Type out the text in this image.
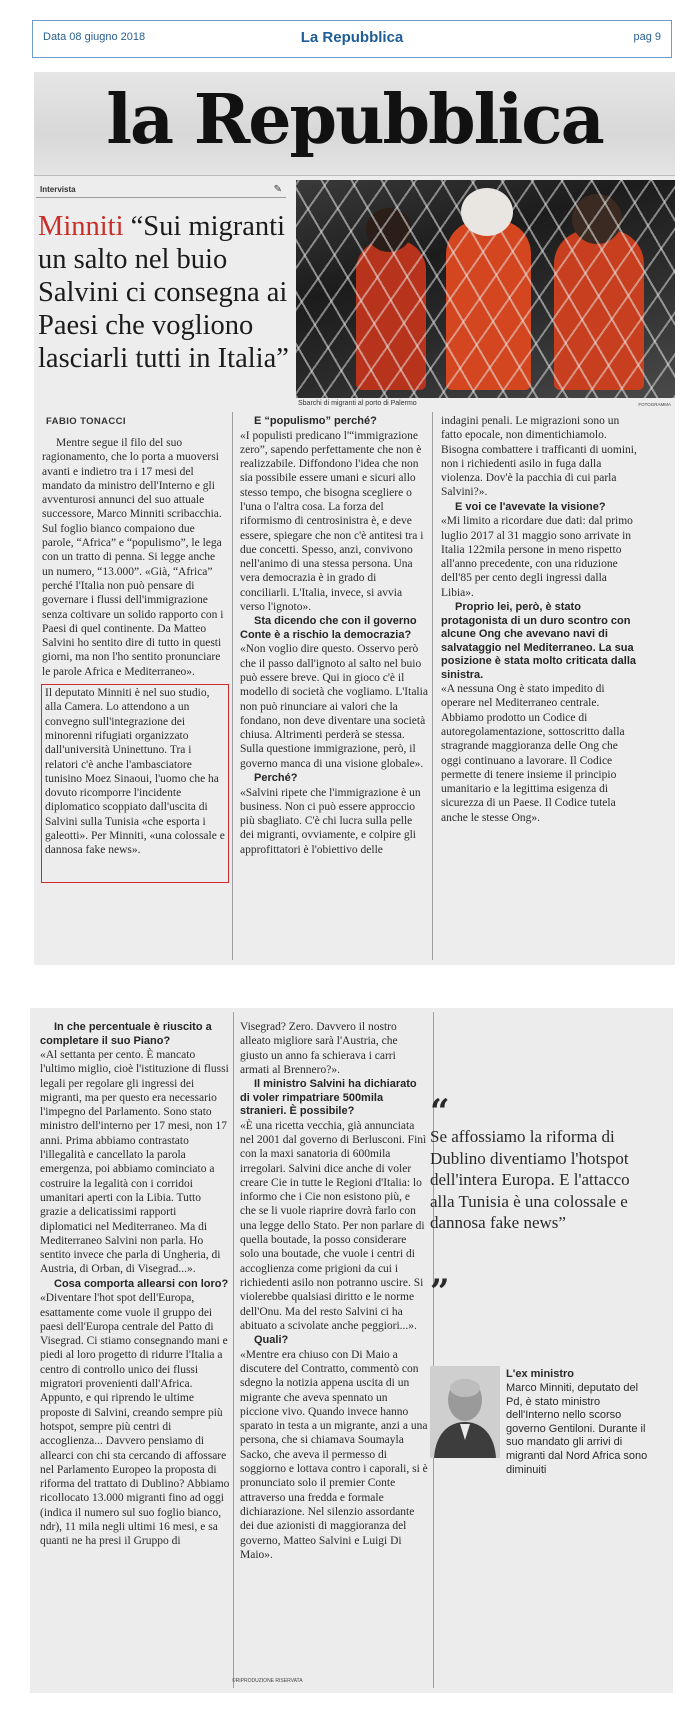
Data 08 giugno 2018	La Repubblica	pag 9
la Repubblica
Intervista	✎
Minniti “Sui migranti un salto nel buio Salvini ci consegna ai Paesi che vogliono lasciarli tutti in Italia”
Sbarchi di migranti al porto di Palermo	FOTOGRAMMA
FABIO TONACCI

Mentre segue il filo del suo ragionamento, che lo porta a muoversi avanti e indietro tra i 17 mesi del mandato da ministro dell'Interno e gli avventurosi annunci del suo attuale successore, Marco Minniti scribacchia. Sul foglio bianco compaiono due parole, “Africa” e “populismo”, le lega con un tratto di penna. Si legge anche un numero, “13.000”. «Già, “Africa” perché l'Italia non può pensare di governare i flussi dell'immigrazione senza coltivare un solido rapporto con i Paesi di quel continente. Da Matteo Salvini ho sentito dire di tutto in questi giorni, ma non l'ho sentito pronunciare le parole Africa e Mediterraneo».

Il deputato Minniti è nel suo studio, alla Camera. Lo attendono a un convegno sull'integrazione dei minorenni rifugiati organizzato dall'università Uninettuno. Tra i relatori c'è anche l'ambasciatore tunisino Moez Sinaoui, l'uomo che ha dovuto ricomporre l'incidente diplomatico scoppiato dall'uscita di Salvini sulla Tunisia «che esporta i galeotti». Per Minniti, «una colossale e dannosa fake news».

E “populismo” perché?

«I populisti predicano l'“immigrazione zero”, sapendo perfettamente che non è realizzabile. Diffondono l'idea che non sia possibile essere umani e sicuri allo stesso tempo, che bisogna scegliere o l'una o l'altra cosa. La forza del riformismo di centrosinistra è, e deve essere, spiegare che non c'è antitesi tra i due concetti. Spesso, anzi, convivono nell'animo di una stessa persona. Una vera democrazia è in grado di conciliarli. L'Italia, invece, si avvia verso l'ignoto».

Sta dicendo che con il governo Conte è a rischio la democrazia?

«Non voglio dire questo. Osservo però che il passo dall'ignoto al salto nel buio può essere breve. Qui in gioco c'è il modello di società che vogliamo. L'Italia non può rinunciare ai valori che la fondano, non deve diventare una società chiusa. Altrimenti perderà se stessa. Sulla questione immigrazione, però, il governo manca di una visione globale».

Perché?

«Salvini ripete che l'immigrazione è un business. Non ci può essere approccio più sbagliato. C'è chi lucra sulla pelle dei migranti, ovviamente, e colpire gli approfittatori è l'obiettivo delle

indagini penali. Le migrazioni sono un fatto epocale, non dimentichiamolo. Bisogna combattere i trafficanti di uomini, non i richiedenti asilo in fuga dalla violenza. Dov'è la pacchia di cui parla Salvini?».

E voi ce l'avevate la visione?

«Mi limito a ricordare due dati: dal primo luglio 2017 al 31 maggio sono arrivate in Italia 122mila persone in meno rispetto all'anno precedente, con una riduzione dell'85 per cento degli ingressi dalla Libia».

Proprio lei, però, è stato protagonista di un duro scontro con alcune Ong che avevano navi di salvataggio nel Mediterraneo. La sua posizione è stata molto criticata dalla sinistra.

«A nessuna Ong è stato impedito di operare nel Mediterraneo centrale. Abbiamo prodotto un Codice di autoregolamentazione, sottoscritto dalla stragrande maggioranza delle Ong che oggi continuano a lavorare. Il Codice permette di tenere insieme il principio umanitario e la legittima esigenza di sicurezza di un Paese. Il Codice tutela anche le stesse Ong».

In che percentuale è riuscito a completare il suo Piano?

«Al settanta per cento. È mancato l'ultimo miglio, cioè l'istituzione di flussi legali per regolare gli ingressi dei migranti, ma per questo era necessario l'impegno del Parlamento. Sono stato ministro dell'interno per 17 mesi, non 17 anni. Prima abbiamo contrastato l'illegalità e cancellato la parola emergenza, poi abbiamo cominciato a costruire la legalità con i corridoi umanitari aperti con la Libia. Tutto grazie a delicatissimi rapporti diplomatici nel Mediterraneo. Ma di Mediterraneo Salvini non parla. Ho sentito invece che parla di Ungheria, di Austria, di Orban, di Visegrad...».

Cosa comporta allearsi con loro?

«Diventare l'hot spot dell'Europa, esattamente come vuole il gruppo dei paesi dell'Europa centrale del Patto di Visegrad. Ci stiamo consegnando mani e piedi al loro progetto di ridurre l'Italia a centro di controllo unico dei flussi migratori provenienti dall'Africa. Appunto, e qui riprendo le ultime proposte di Salvini, creando sempre più hotspot, sempre più centri di accoglienza... Davvero pensiamo di allearci con chi sta cercando di affossare nel Parlamento Europeo la proposta di riforma del trattato di Dublino? Abbiamo ricollocato 13.000 migranti fino ad oggi (indica il numero sul suo foglio bianco, ndr), 11 mila negli ultimi 16 mesi, e sa quanti ne ha presi il Gruppo di

Visegrad? Zero. Davvero il nostro alleato migliore sarà l'Austria, che giusto un anno fa schierava i carri armati al Brennero?».

Il ministro Salvini ha dichiarato di voler rimpatriare 500mila stranieri. È possibile?

«È una ricetta vecchia, già annunciata nel 2001 dal governo di Berlusconi. Finì con la maxi sanatoria di 600mila irregolari. Salvini dice anche di voler creare Cie in tutte le Regioni d'Italia: lo informo che i Cie non esistono più, e che se li vuole riaprire dovrà farlo con una legge dello Stato. Per non parlare di quella boutade, la posso considerare solo una boutade, che vuole i centri di accoglienza come prigioni da cui i richiedenti asilo non potranno uscire. Si violerebbe qualsiasi diritto e le norme dell'Onu. Ma del resto Salvini ci ha abituato a scivolate anche peggiori...».

Quali?

«Mentre era chiuso con Di Maio a discutere del Contratto, commentò con sdegno la notizia appena uscita di un migrante che aveva spennato un piccione vivo. Quando invece hanno sparato in testa a un migrante, anzi a una persona, che si chiamava Soumayla Sacko, che aveva il permesso di soggiorno e lottava contro i caporali, si è pronunciato solo il premier Conte attraverso una fredda e formale dichiarazione. Nel silenzio assordante dei due azionisti di maggioranza del governo, Matteo Salvini e Luigi Di Maio».

“
Se affossiamo la riforma di Dublino diventiamo l'hotspot dell'intera Europa. E l'attacco alla Tunisia è una colossale e dannosa fake news”
”
L'ex ministro
Marco Minniti, deputato del Pd, è stato ministro dell'Interno nello scorso governo Gentiloni. Durante il suo mandato gli arrivi di migranti dal Nord Africa sono diminuiti
©RIPRODUZIONE RISERVATA
